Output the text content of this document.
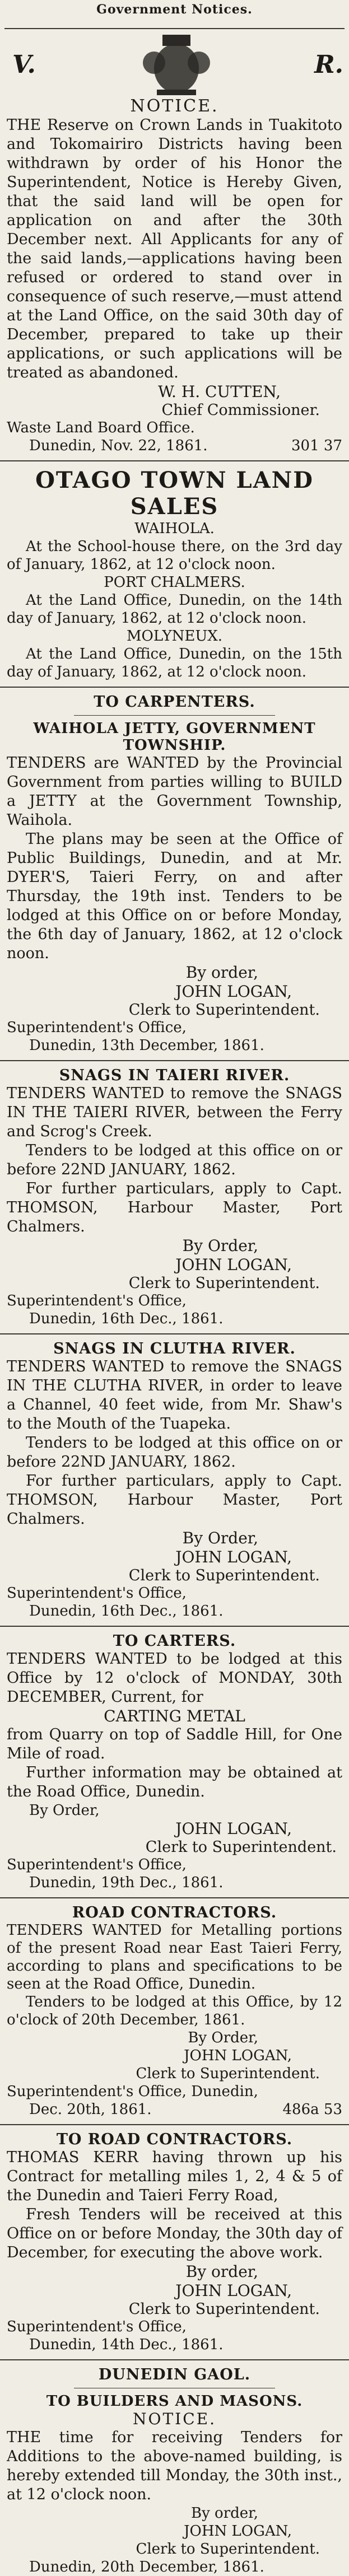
Government Notices.
V.	R.
NOTICE.

THE Reserve on Crown Lands in Tuakitoto and Tokomairiro Districts having been withdrawn by order of his Honor the Superintendent, Notice is Hereby Given, that the said land will be open for application on and after the 30th December next. All Applicants for any of the said lands,—applications having been refused or ordered to stand over in consequence of such reserve,—must attend at the Land Office, on the said 30th day of December, prepared to take up their applications, or such applications will be treated as abandoned.

W. H. CUTTEN,
Chief Commissioner.
Waste Land Board Office.
Dunedin, Nov. 22, 1861.	301 37
OTAGO TOWN LAND SALES
WAIHOLA.

At the School-house there, on the 3rd day of January, 1862, at 12 o'clock noon.

PORT CHALMERS.

At the Land Office, Dunedin, on the 14th day of January, 1862, at 12 o'clock noon.

MOLYNEUX.

At the Land Office, Dunedin, on the 15th day of January, 1862, at 12 o'clock noon.

TO CARPENTERS.
WAIHOLA JETTY, GOVERNMENT TOWNSHIP.

TENDERS are WANTED by the Provincial Government from parties willing to BUILD a JETTY at the Government Township, Waihola.

The plans may be seen at the Office of Public Buildings, Dunedin, and at Mr. DYER'S, Taieri Ferry, on and after Thursday, the 19th inst. Tenders to be lodged at this Office on or before Monday, the 6th day of January, 1862, at 12 o'clock noon.

By order,
JOHN LOGAN,
Clerk to Superintendent.
Superintendent's Office,
Dunedin, 13th December, 1861.
SNAGS IN TAIERI RIVER.

TENDERS WANTED to remove the SNAGS IN THE TAIERI RIVER, between the Ferry and Scrog's Creek.

Tenders to be lodged at this office on or before 22ND JANUARY, 1862.

For further particulars, apply to Capt. THOMSON, Harbour Master, Port Chalmers.

By Order,
JOHN LOGAN,
Clerk to Superintendent.
Superintendent's Office,
Dunedin, 16th Dec., 1861.
SNAGS IN CLUTHA RIVER.

TENDERS WANTED to remove the SNAGS IN THE CLUTHA RIVER, in order to leave a Channel, 40 feet wide, from Mr. Shaw's to the Mouth of the Tuapeka.

Tenders to be lodged at this office on or before 22ND JANUARY, 1862.

For further particulars, apply to Capt. THOMSON, Harbour Master, Port Chalmers.

By Order,
JOHN LOGAN,
Clerk to Superintendent.
Superintendent's Office,
Dunedin, 16th Dec., 1861.
TO CARTERS.

TENDERS WANTED to be lodged at this Office by 12 o'clock of MONDAY, 30th DECEMBER, Current, for

CARTING METAL

from Quarry on top of Saddle Hill, for One Mile of road.

Further information may be obtained at the Road Office, Dunedin.

By Order,
JOHN LOGAN,
Clerk to Superintendent.
Superintendent's Office,
Dunedin, 19th Dec., 1861.
ROAD CONTRACTORS.

TENDERS WANTED for Metalling portions of the present Road near East Taieri Ferry, according to plans and specifications to be seen at the Road Office, Dunedin.

Tenders to be lodged at this Office, by 12 o'clock of 20th December, 1861.

By Order,
JOHN LOGAN,
Clerk to Superintendent.
Superintendent's Office, Dunedin,
Dec. 20th, 1861.	486a 53
TO ROAD CONTRACTORS.

THOMAS KERR having thrown up his Contract for metalling miles 1, 2, 4 & 5 of the Dunedin and Taieri Ferry Road,

Fresh Tenders will be received at this Office on or before Monday, the 30th day of December, for executing the above work.

By order,
JOHN LOGAN,
Clerk to Superintendent.
Superintendent's Office,
Dunedin, 14th Dec., 1861.
DUNEDIN GAOL.
TO BUILDERS AND MASONS.
NOTICE.

THE time for receiving Tenders for Additions to the above-named building, is hereby extended till Monday, the 30th inst., at 12 o'clock noon.

By order,
JOHN LOGAN,
Clerk to Superintendent.
Dunedin, 20th December, 1861.
